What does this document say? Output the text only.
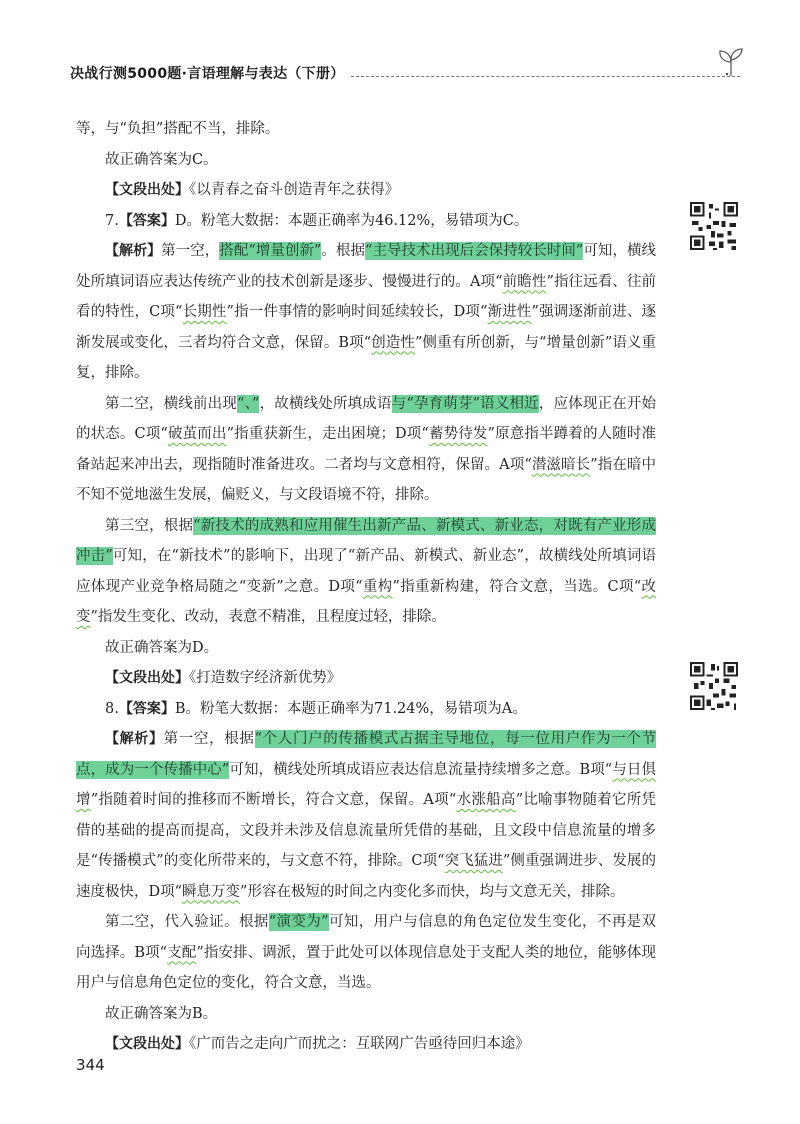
决战行测5000题·言语理解与表达（下册）

等，与“负担”搭配不当，排除。

故正确答案为C。

【文段出处】《以青春之奋斗创造青年之获得》

7.【答案】D。粉笔大数据：本题正确率为46.12%，易错项为C。

【解析】第一空，搭配“增量创新”。根据“主导技术出现后会保持较长时间”可知，横线处所填词语应表达传统产业的技术创新是逐步、慢慢进行的。A项“前瞻性”指往远看、往前看的特性，C项“长期性”指一件事情的影响时间延续较长，D项“渐进性”强调逐渐前进、逐渐发展或变化，三者均符合文意，保留。B项“创造性”侧重有所创新，与“增量创新”语义重复，排除。

第二空，横线前出现“、”，故横线处所填成语与“孕育萌芽”语义相近，应体现正在开始的状态。C项“破茧而出”指重获新生，走出困境；D项“蓄势待发”原意指半蹲着的人随时准备站起来冲出去，现指随时准备进攻。二者均与文意相符，保留。A项“潜滋暗长”指在暗中不知不觉地滋生发展，偏贬义，与文段语境不符，排除。

第三空，根据“新技术的成熟和应用催生出新产品、新模式、新业态，对既有产业形成冲击”可知，在“新技术”的影响下，出现了“新产品、新模式、新业态”，故横线处所填词语应体现产业竞争格局随之“变新”之意。D项“重构”指重新构建，符合文意，当选。C项“改变”指发生变化、改动，表意不精准，且程度过轻，排除。

故正确答案为D。

【文段出处】《打造数字经济新优势》

8.【答案】B。粉笔大数据：本题正确率为71.24%，易错项为A。

【解析】第一空，根据“个人门户的传播模式占据主导地位，每一位用户作为一个节点，成为一个传播中心”可知，横线处所填成语应表达信息流量持续增多之意。B项“与日俱增”指随着时间的推移而不断增长，符合文意，保留。A项“水涨船高”比喻事物随着它所凭借的基础的提高而提高，文段并未涉及信息流量所凭借的基础，且文段中信息流量的增多是“传播模式”的变化所带来的，与文意不符，排除。C项“突飞猛进”侧重强调进步、发展的速度极快，D项“瞬息万变”形容在极短的时间之内变化多而快，均与文意无关，排除。

第二空，代入验证。根据“演变为”可知，用户与信息的角色定位发生变化，不再是双向选择。B项“支配”指安排、调派，置于此处可以体现信息处于支配人类的地位，能够体现用户与信息角色定位的变化，符合文意，当选。

故正确答案为B。

【文段出处】《广而告之走向广而扰之：互联网广告亟待回归本途》

344
